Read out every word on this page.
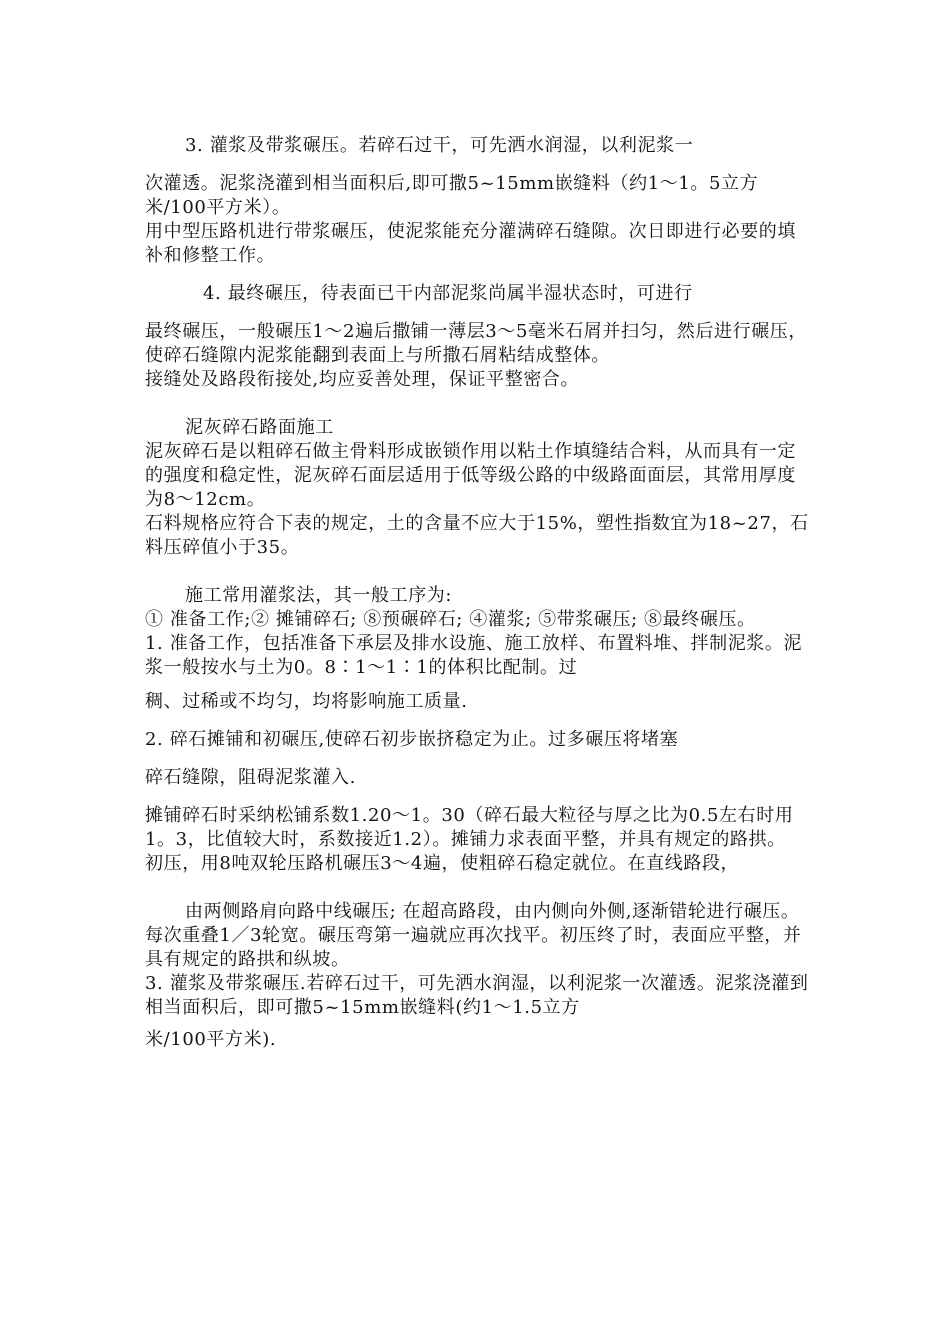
3. 灌浆及带浆碾压。若碎石过干，可先洒水润湿，以利泥浆一

次灌透。泥浆浇灌到相当面积后,即可撒5~15mm嵌缝料（约1～1。5立方米/100平方米）。

用中型压路机进行带浆碾压，使泥浆能充分灌满碎石缝隙。次日即进行必要的填补和修整工作。

4. 最终碾压，待表面已干内部泥浆尚属半湿状态时，可进行

最终碾压，一般碾压1～2遍后撒铺一薄层3～5毫米石屑并扫匀，然后进行碾压，使碎石缝隙内泥浆能翻到表面上与所撒石屑粘结成整体。

接缝处及路段衔接处,均应妥善处理，保证平整密合。

泥灰碎石路面施工

泥灰碎石是以粗碎石做主骨料形成嵌锁作用以粘土作填缝结合料，从而具有一定的强度和稳定性，泥灰碎石面层适用于低等级公路的中级路面面层，其常用厚度为8～12cm。

石料规格应符合下表的规定，土的含量不应大于15%，塑性指数宜为18~27，石料压碎值小于35。

施工常用灌浆法，其一般工序为:

① 准备工作;② 摊铺碎石; ⑧预碾碎石; ④灌浆; ⑤带浆碾压; ⑧最终碾压。

1. 准备工作，包括准备下承层及排水设施、施工放样、布置料堆、拌制泥浆。泥浆一般按水与土为0。8∶1～1∶1的体积比配制。过

稠、过稀或不均匀，均将影响施工质量.

2. 碎石摊铺和初碾压,使碎石初步嵌挤稳定为止。过多碾压将堵塞

碎石缝隙，阻碍泥浆灌入.

摊铺碎石时采纳松铺系数1.20～1。30（碎石最大粒径与厚之比为0.5左右时用1。3，比值较大时，系数接近1.2）。摊铺力求表面平整，并具有规定的路拱。

初压，用8吨双轮压路机碾压3～4遍，使粗碎石稳定就位。在直线路段，

由两侧路肩向路中线碾压; 在超高路段，由内侧向外侧,逐渐错轮进行碾压。每次重叠1／3轮宽。碾压弯第一遍就应再次找平。初压终了时，表面应平整，并具有规定的路拱和纵坡。

3. 灌浆及带浆碾压.若碎石过干，可先洒水润湿，以利泥浆一次灌透。泥浆浇灌到相当面积后，即可撒5~15mm嵌缝料(约1～1.5立方

米/100平方米).
